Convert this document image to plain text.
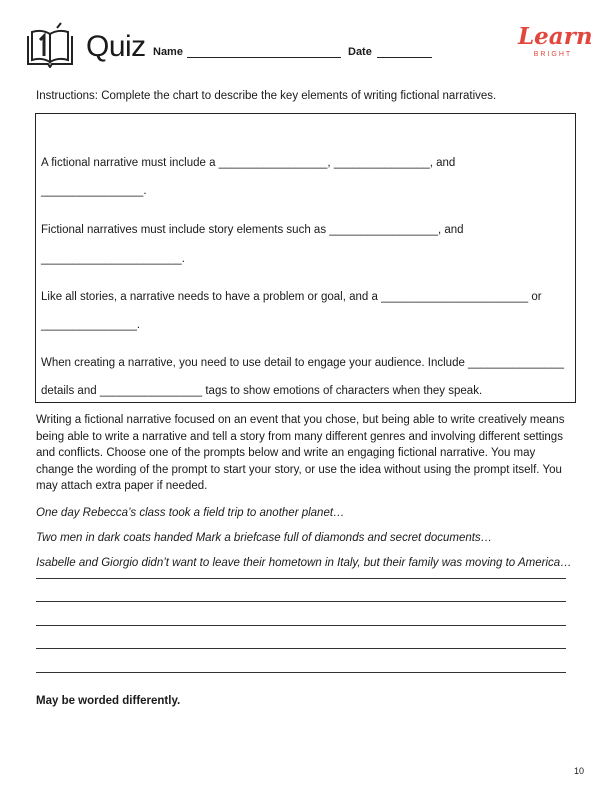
Quiz Name	Date
Learn
BRIGHT
Instructions: Complete the chart to describe the key elements of writing fictional narratives.
A fictional narrative must include a _________________, _______________, and
________________.
Fictional narratives must include story elements such as _________________, and
______________________.
Like all stories, a narrative needs to have a problem or goal, and a _______________________ or
_______________.
When creating a narrative, you need to use detail to engage your audience. Include _______________
details and ________________ tags to show emotions of characters when they speak.
Writing a fictional narrative focused on an event that you chose, but being able to write creatively means being able to write a narrative and tell a story from many different genres and involving different settings and conflicts. Choose one of the prompts below and write an engaging fictional narrative. You may change the wording of the prompt to start your story, or use the idea without using the prompt itself. You may attach extra paper if needed.
One day Rebecca’s class took a field trip to another planet…
Two men in dark coats handed Mark a briefcase full of diamonds and secret documents…
Isabelle and Giorgio didn’t want to leave their hometown in Italy, but their family was moving to America…
May be worded differently.
10
